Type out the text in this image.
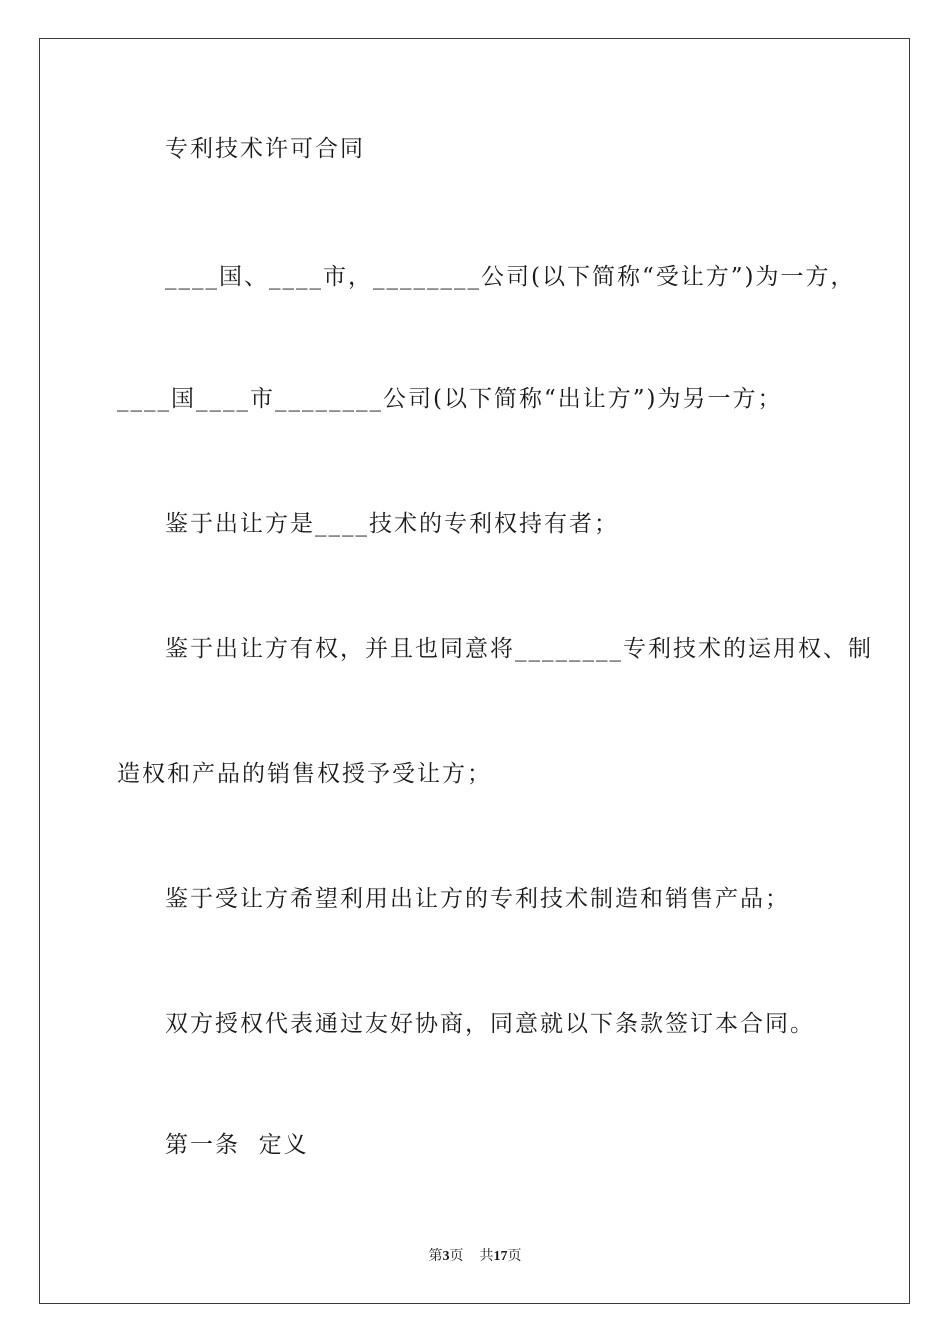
专利技术许可合同
____国、____市，________公司(以下简称“受让方”)为一方，
____国____市________公司(以下简称“出让方”)为另一方；
鉴于出让方是____技术的专利权持有者；
鉴于出让方有权，并且也同意将________专利技术的运用权、制
造权和产品的销售权授予受让方；
鉴于受让方希望利用出让方的专利技术制造和销售产品；
双方授权代表通过友好协商，同意就以下条款签订本合同。
第一条  定义
第3页 共17页
